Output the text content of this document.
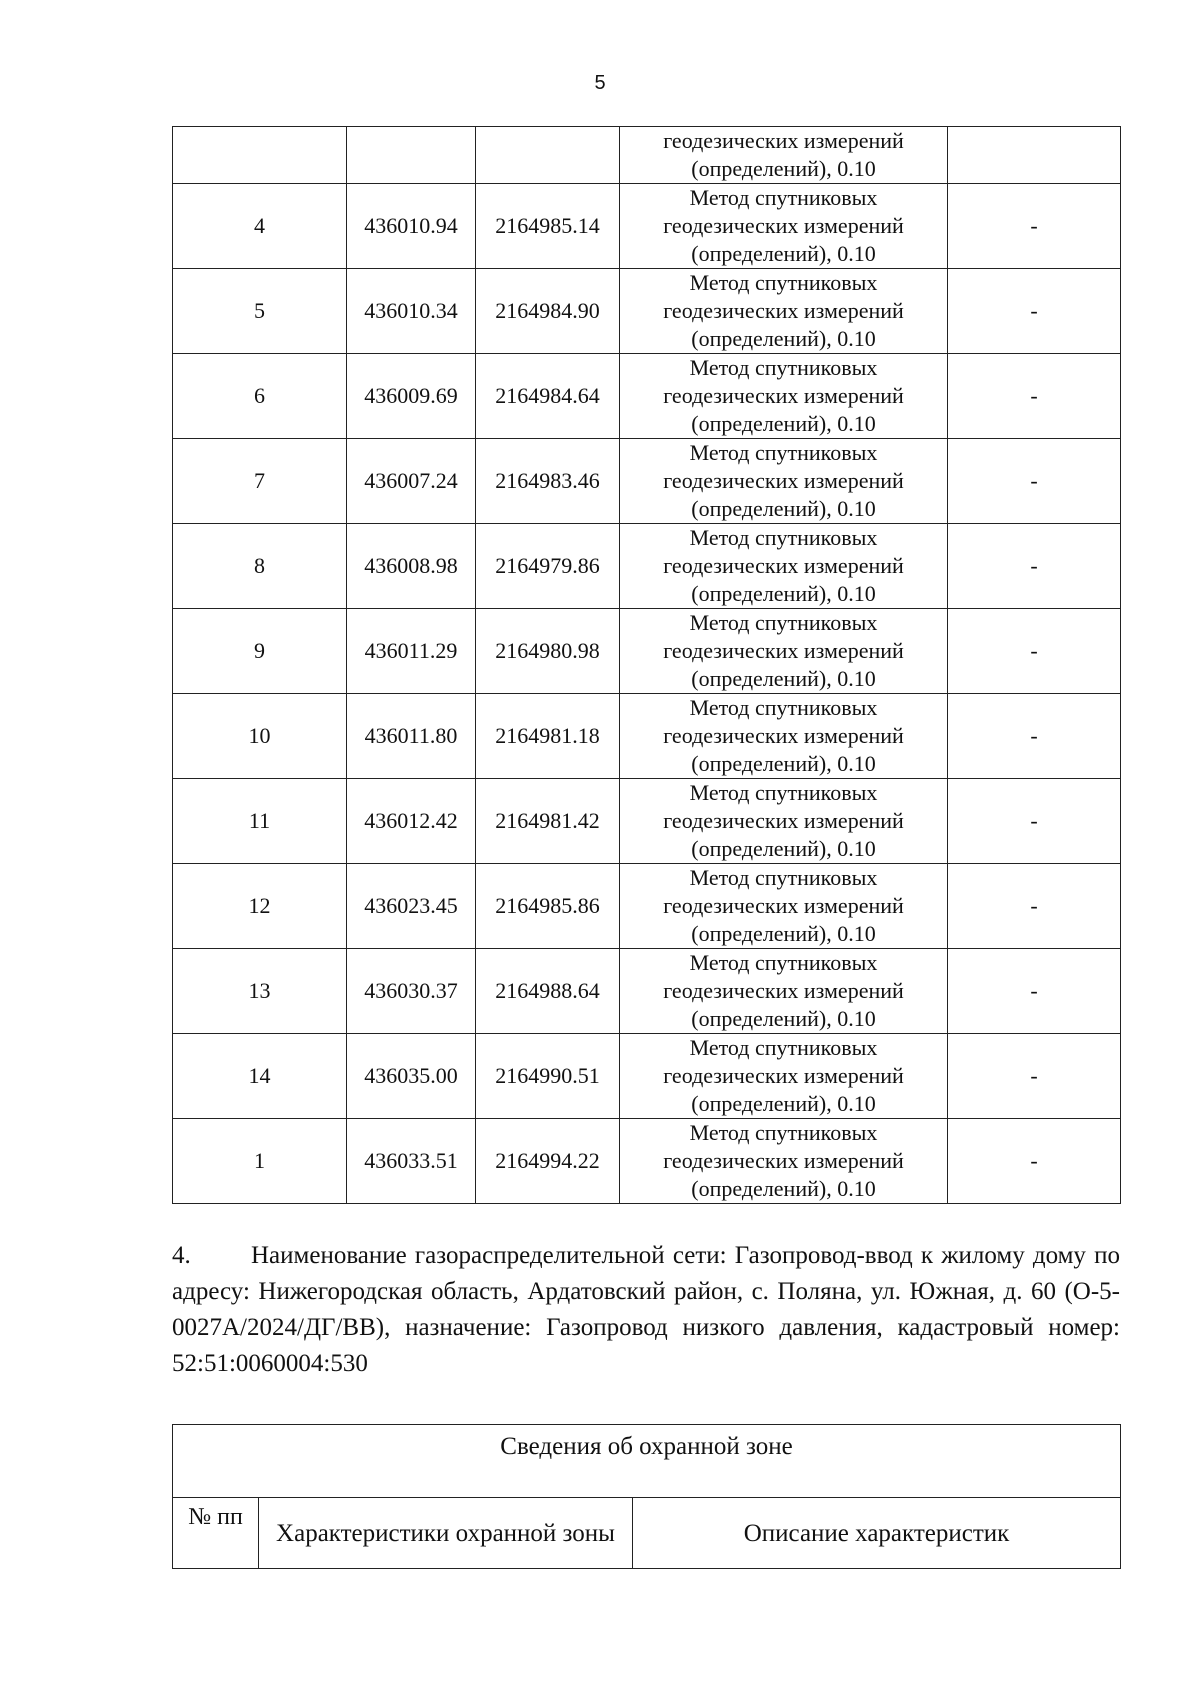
5

			геодезических измерений
(определений), 0.10	

4	436010.94	2164985.14	Метод спутниковых
геодезических измерений
(определений), 0.10	-
5	436010.34	2164984.90	Метод спутниковых
геодезических измерений
(определений), 0.10	-
6	436009.69	2164984.64	Метод спутниковых
геодезических измерений
(определений), 0.10	-
7	436007.24	2164983.46	Метод спутниковых
геодезических измерений
(определений), 0.10	-
8	436008.98	2164979.86	Метод спутниковых
геодезических измерений
(определений), 0.10	-
9	436011.29	2164980.98	Метод спутниковых
геодезических измерений
(определений), 0.10	-
10	436011.80	2164981.18	Метод спутниковых
геодезических измерений
(определений), 0.10	-
11	436012.42	2164981.42	Метод спутниковых
геодезических измерений
(определений), 0.10	-
12	436023.45	2164985.86	Метод спутниковых
геодезических измерений
(определений), 0.10	-
13	436030.37	2164988.64	Метод спутниковых
геодезических измерений
(определений), 0.10	-
14	436035.00	2164990.51	Метод спутниковых
геодезических измерений
(определений), 0.10	-
1	436033.51	2164994.22	Метод спутниковых
геодезических измерений
(определений), 0.10	-
4. Наименование газораспределительной сети: Газопровод-ввод к жилому дому по адресу: Нижегородская область, Ардатовский район, с. Поляна, ул. Южная, д. 60 (О-5-0027А/2024/ДГ/ВВ), назначение: Газопровод низкого давления, кадастровый номер: 52:51:0060004:530
Сведения об охранной зоне
№ пп	Характеристики охранной зоны	Описание характеристик
